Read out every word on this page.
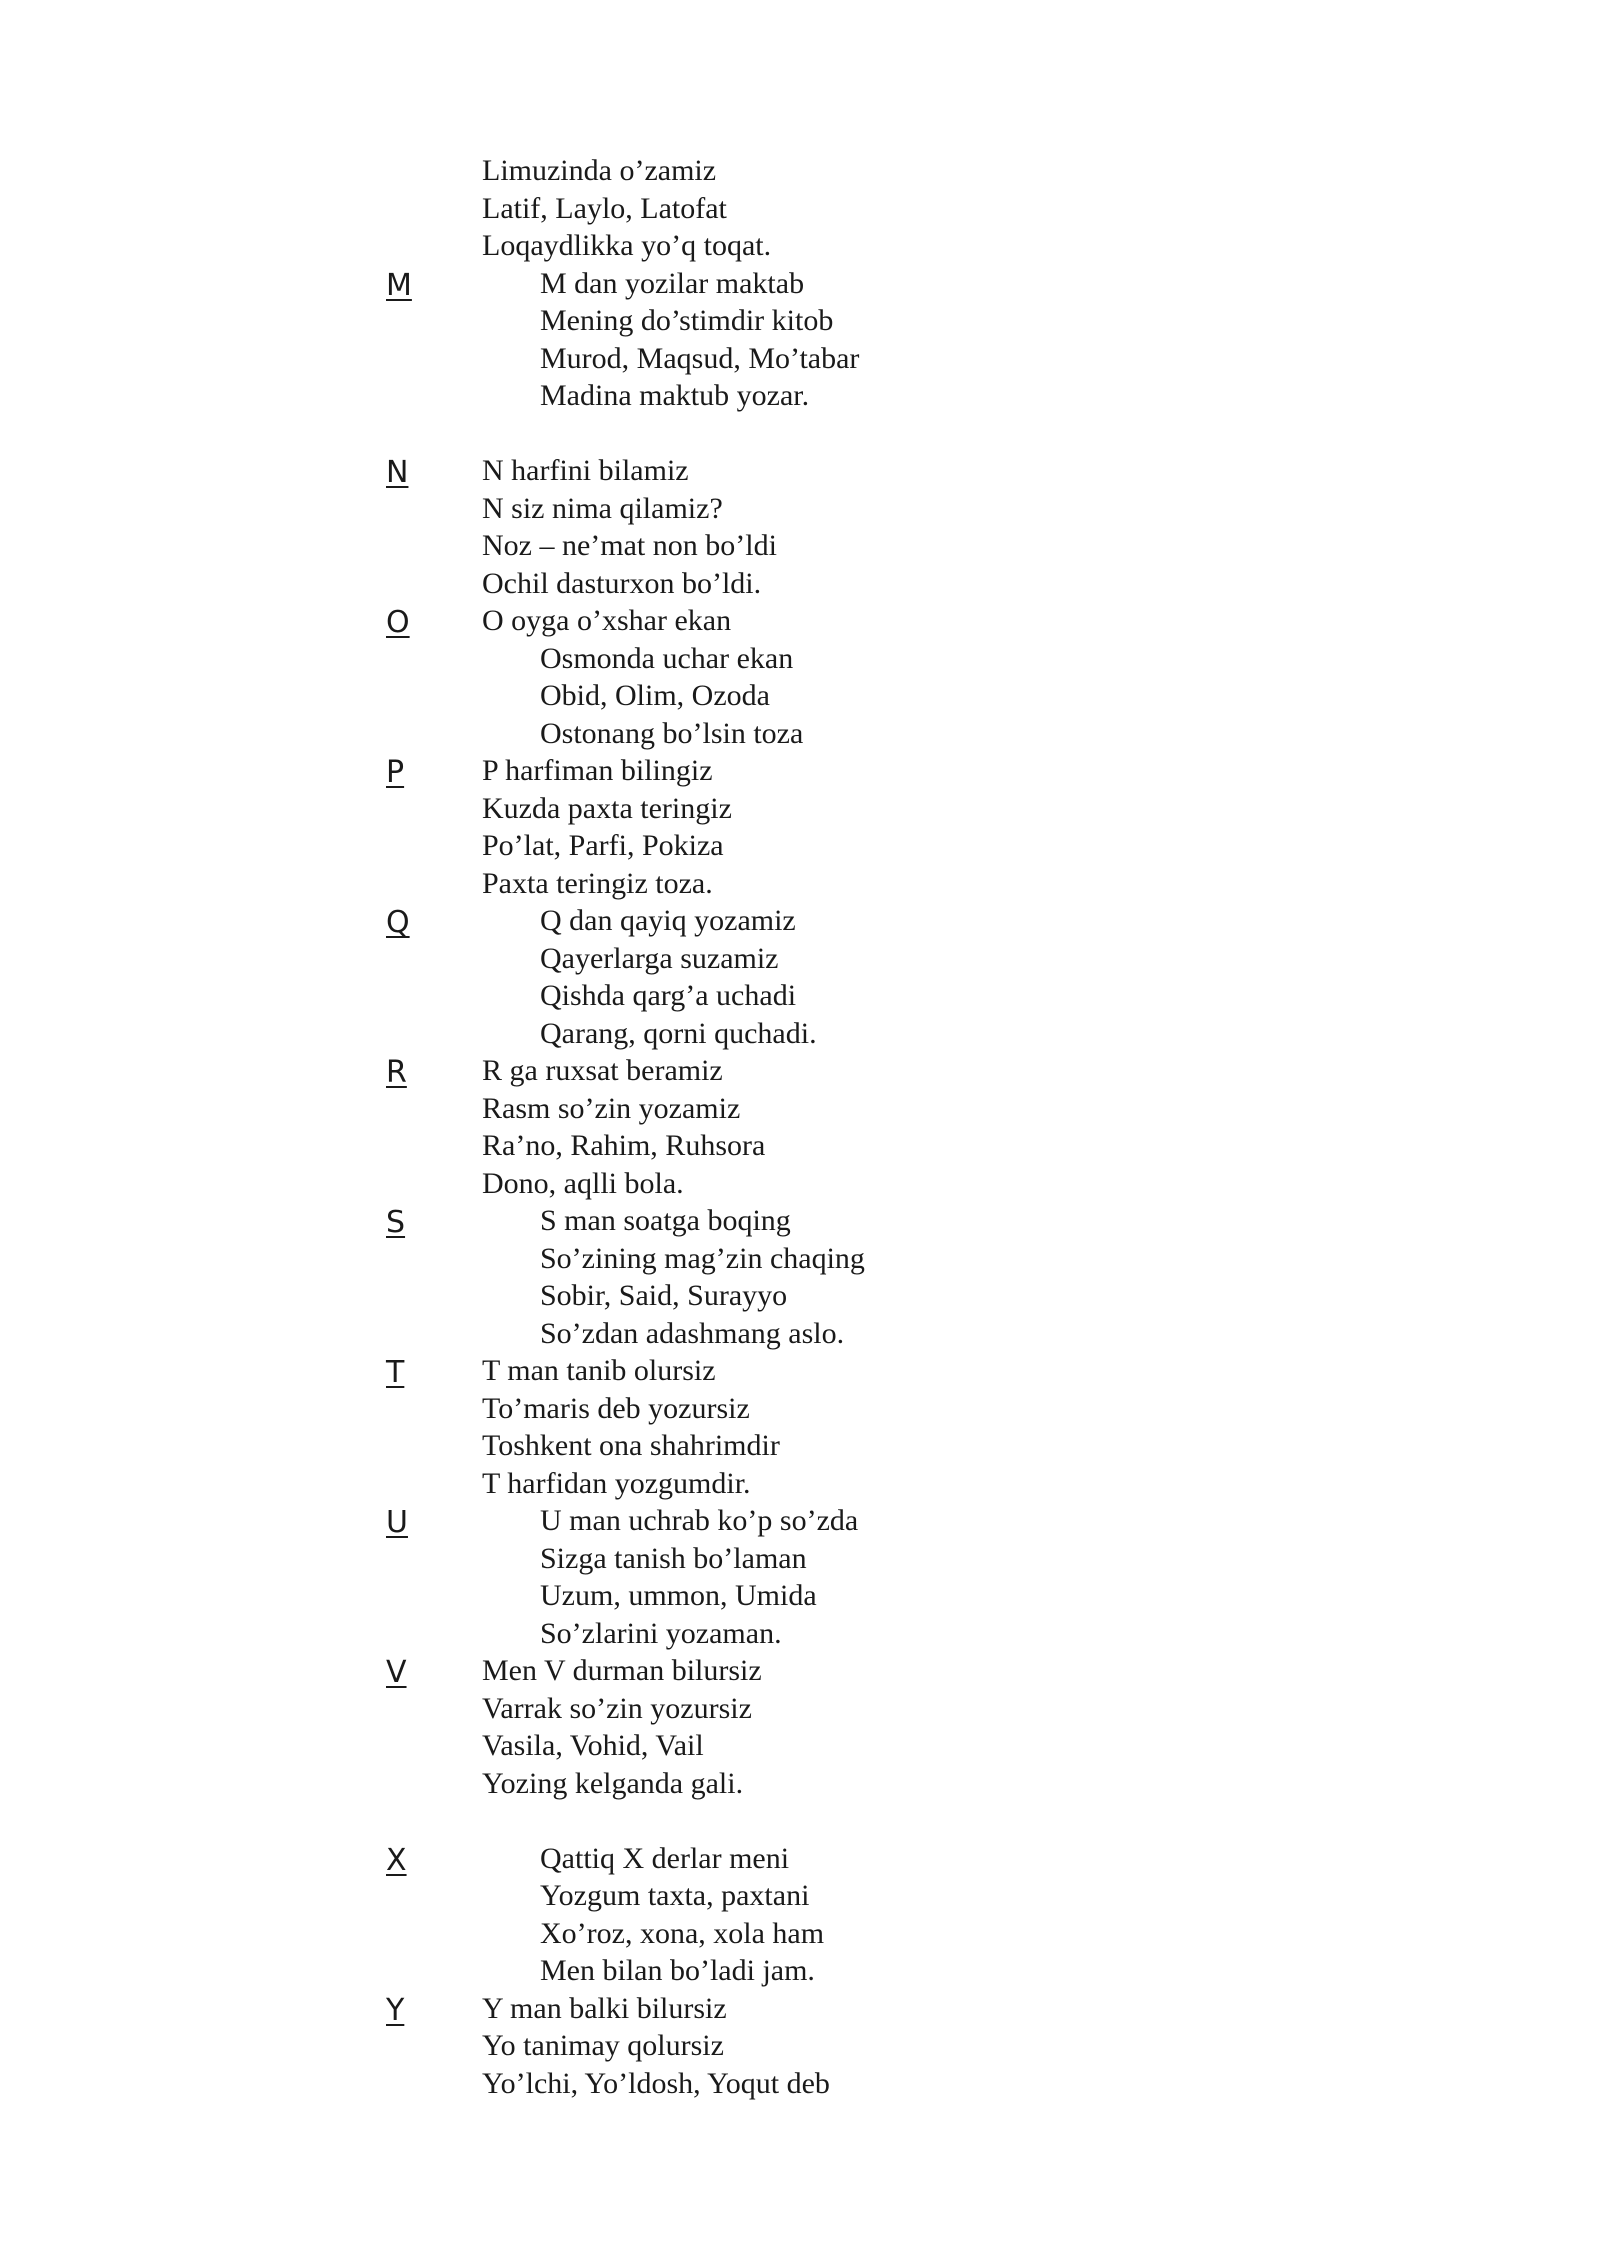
Limuzinda o’zamiz
Latif, Laylo, Latofat
Loqaydlikka yo’q toqat.
M	M dan yozilar maktab
Mening do’stimdir kitob
Murod, Maqsud, Mo’tabar
Madina maktub yozar.
N N harfini bilamiz
N siz nima qilamiz?
Noz – ne’mat non bo’ldi
Ochil dasturxon bo’ldi.
O O oyga o’xshar ekan
Osmonda uchar ekan
Obid, Olim, Ozoda
Ostonang bo’lsin toza
P	P harfiman bilingiz
Kuzda paxta teringiz
Po’lat, Parfi, Pokiza
Paxta teringiz toza.
Q	Q dan qayiq yozamiz
Qayerlarga suzamiz
Qishda qarg’a uchadi
Qarang, qorni quchadi.
R	R ga ruxsat beramiz
Rasm so’zin yozamiz
Ra’no, Rahim, Ruhsora
Dono, aqlli bola.
S	S man soatga boqing
So’zining mag’zin chaqing
Sobir, Said, Surayyo
So’zdan adashmang aslo.
T	T man tanib olursiz
To’maris deb yozursiz
Toshkent ona shahrimdir
T harfidan yozgumdir.
U	U man uchrab ko’p so’zda
Sizga tanish bo’laman
Uzum, ummon, Umida
So’zlarini yozaman.
V	Men V durman bilursiz
Varrak so’zin yozursiz
Vasila, Vohid, Vail
Yozing kelganda gali.
X	Qattiq X derlar meni
Yozgum taxta, paxtani
Xo’roz, xona, xola ham
Men bilan bo’ladi jam.
Y	Y man balki bilursiz
Yo tanimay qolursiz
Yo’lchi, Yo’ldosh, Yoqut deb
